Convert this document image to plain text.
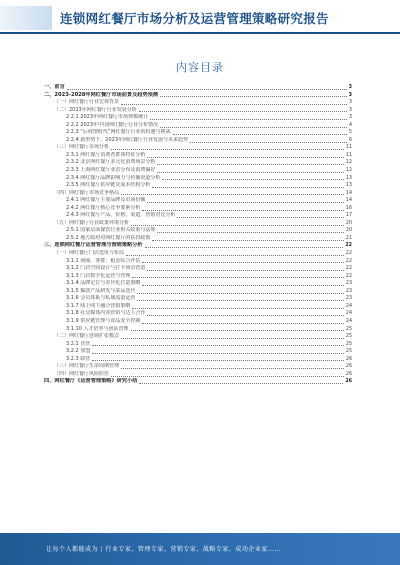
连锁网红餐厅市场分析及运营管理策略研究报告
内容目录
一、前言	3
二、2023-2028年网红餐厅市场前景及趋势预测	3
（一）网红餐厅行业宏观背景	3
（二）2023年网红餐厅行业发展分析	3
2.2.1 2023年网红餐厅市场规模统计	3
2.2.2 2023年中国网红餐厅行业分布情况	4
2.2.3 “后疫情时代”网红餐厅行业的机遇与挑战	5
2.2.4 新形势下，2023年网红餐厅行业发展与未来趋势	6
（三）网红餐厅市场分析	11
2.3.1 网红餐厅消费者群体特征分析	11
2.3.2 北京网红餐厅多元化消费场景分析	12
2.3.3 上海网红餐厅业态分布及消费偏好	12
2.3.4 网红餐厅品牌影响力与传播渠道分析	13
2.3.5 网红餐厅供应链及成本结构分析	13
（四）网红餐厅市场竞争格局	14
2.4.1 网红餐厅主要品牌及市场份额	14
2.4.2 网红餐厅核心竞争要素分析	16
2.4.3 网红餐厅产品、价格、渠道、营销对比分析	17
（五）网红餐厅行业政策环境分析	20
2.5.1 国家层面餐饮行业相关政策与法规	20
2.5.2 地方政府对网红餐厅的扶持政策	21
三、连锁网红餐厅运营管理与营销策略分析	22
（一）网红餐厅门店选址与布局	22
3.1.1 商圈、客群、租金综合评估	22
3.1.2 门店空间设计与打卡场景营造	22
3.1.3 门店数字化运营与管理	22
3.1.4 品牌定位与差异化打造策略	23
3.1.5 爆款产品研发与菜品迭代	23
3.1.6 会员体系与私域流量运营	23
3.1.7 线上线下融合营销策略	24
3.1.8 社交媒体内容营销与达人合作	24
3.1.9 供应链管理与食品安全控制	24
3.1.10 人才培养与团队管理	25
（二）网红餐厅连锁扩张模式	25
3.2.1 直营	25
3.2.2 加盟	25
3.2.3 联营	26
（三）网红餐厅生命周期管理	26
（四）网红餐厅风险防范	26
四、网红餐厅《运营管理策略》研究小结	26
让每个人都能成为 | 行业专家、管理专家、营销专家、战略专家、成功企业家……
